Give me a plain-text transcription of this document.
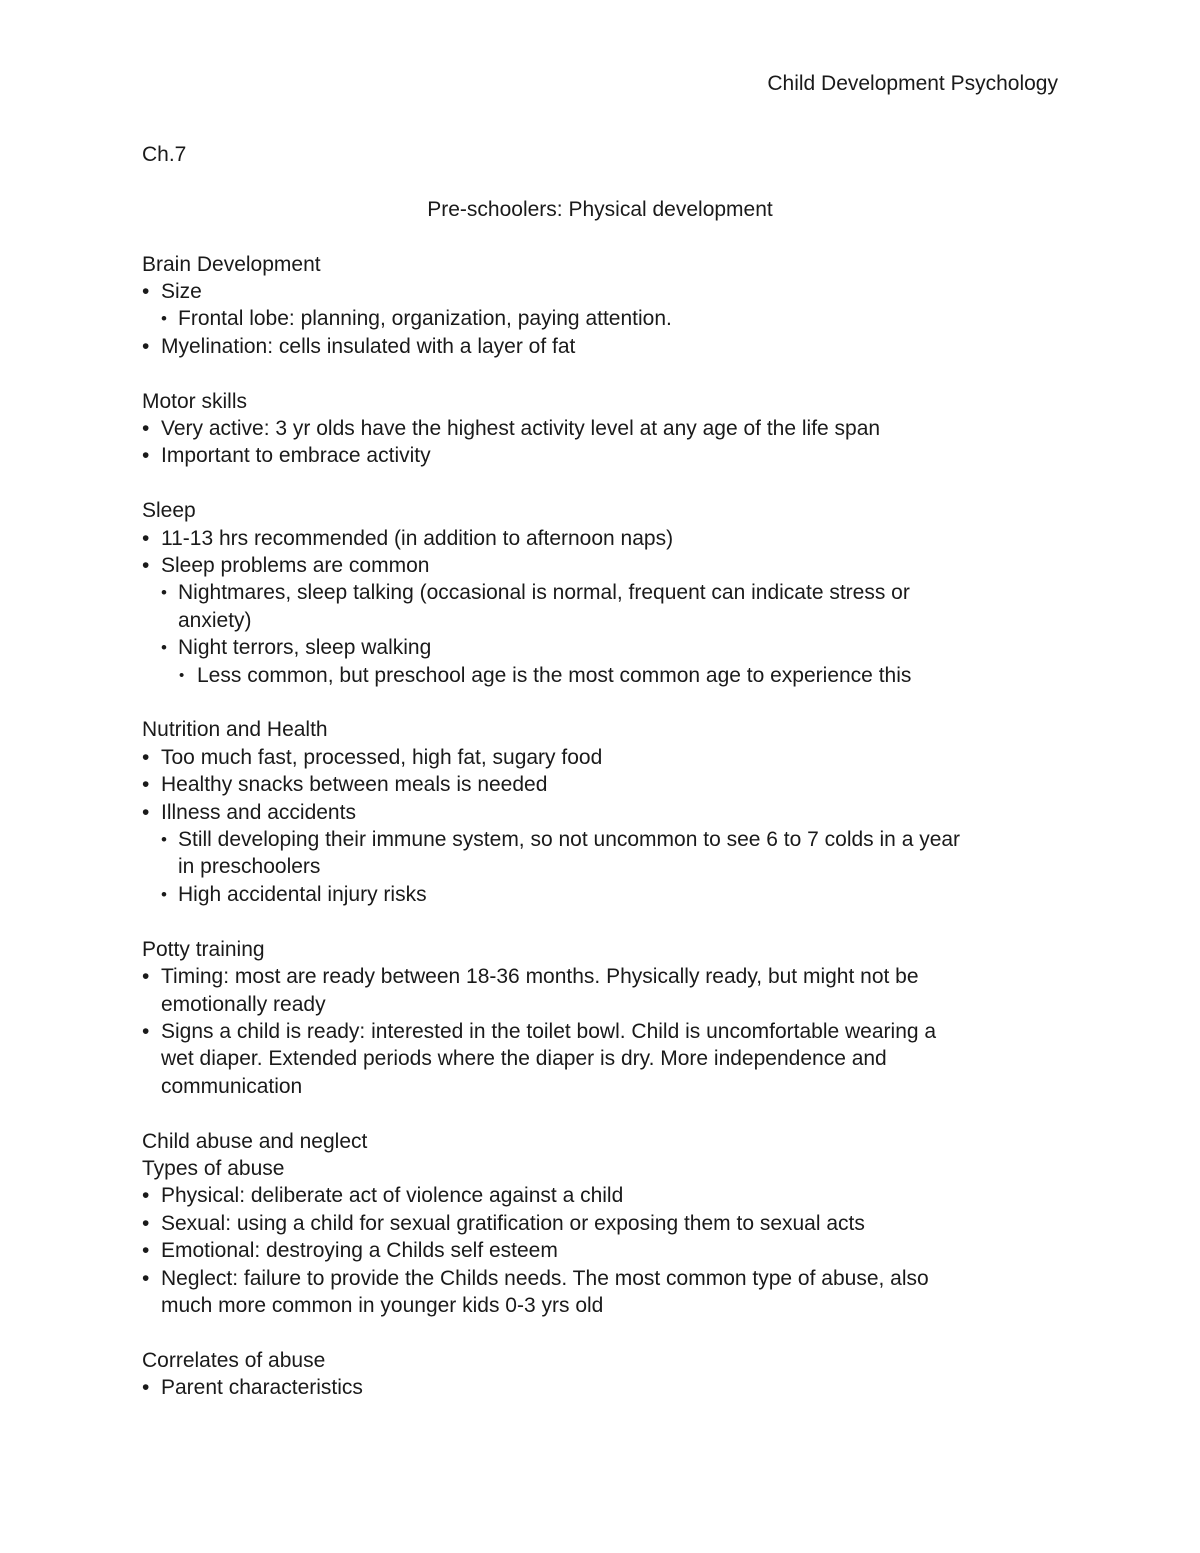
Child Development Psychology

Ch.7

Pre-schoolers: Physical development

Brain Development

• Size

• Frontal lobe: planning, organization, paying attention.

• Myelination: cells insulated with a layer of fat

Motor skills

• Very active: 3 yr olds have the highest activity level at any age of the life span

• Important to embrace activity

Sleep

• 11-13 hrs recommended (in addition to afternoon naps)

• Sleep problems are common

• Nightmares, sleep talking (occasional is normal, frequent can indicate stress or

anxiety)

• Night terrors, sleep walking

• Less common, but preschool age is the most common age to experience this

Nutrition and Health

• Too much fast, processed, high fat, sugary food

• Healthy snacks between meals is needed

• Illness and accidents

• Still developing their immune system, so not uncommon to see 6 to 7 colds in a year

in preschoolers

• High accidental injury risks

Potty training

• Timing: most are ready between 18-36 months. Physically ready, but might not be

emotionally ready

• Signs a child is ready: interested in the toilet bowl. Child is uncomfortable wearing a

wet diaper. Extended periods where the diaper is dry. More independence and

communication

Child abuse and neglect

Types of abuse

• Physical: deliberate act of violence against a child

• Sexual: using a child for sexual gratification or exposing them to sexual acts

• Emotional: destroying a Childs self esteem

• Neglect: failure to provide the Childs needs. The most common type of abuse, also

much more common in younger kids 0-3 yrs old

Correlates of abuse

• Parent characteristics
